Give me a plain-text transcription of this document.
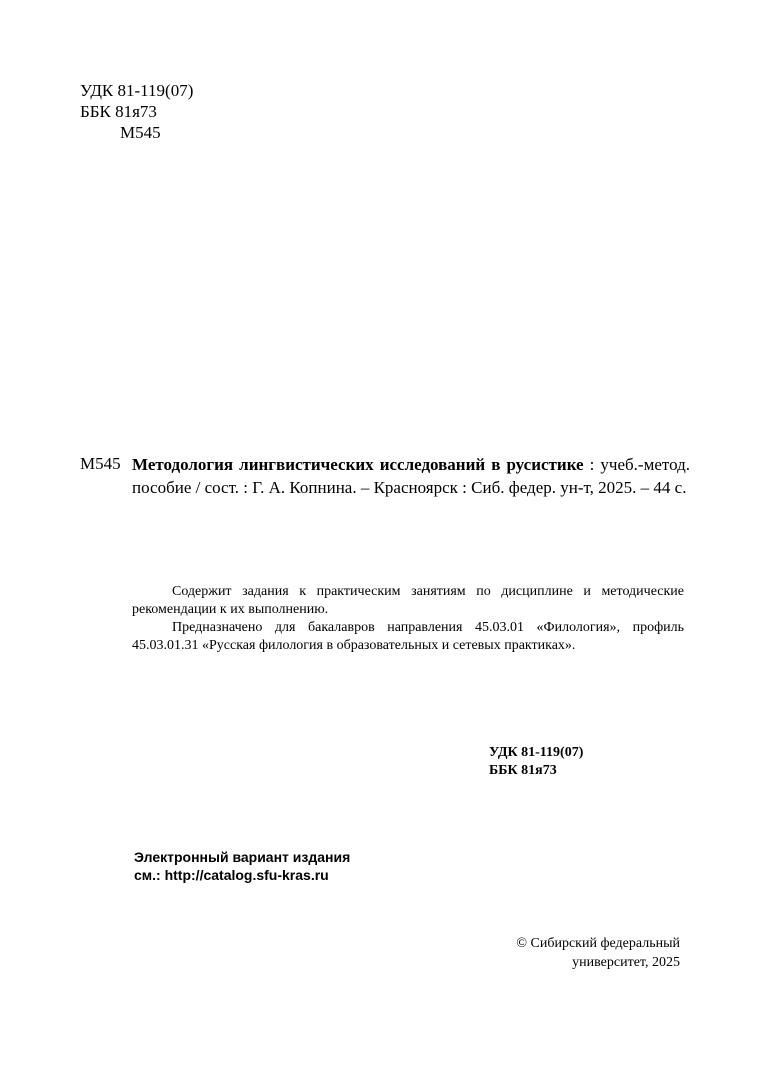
УДК 81-119(07)
ББК 81я73
М545
М545 Методология лингвистических исследований в русистике : учеб.-метод. пособие / сост. : Г. А. Копнина. – Красноярск : Сиб. федер. ун-т, 2025. – 44 с.

Содержит задания к практическим занятиям по дисциплине и методические рекомендации к их выполнению.

Предназначено для бакалавров направления 45.03.01 «Филология», профиль 45.03.01.31 «Русская филология в образовательных и сетевых практиках».

УДК 81-119(07)
ББК 81я73
Электронный вариант издания
см.: http://catalog.sfu-kras.ru
© Сибирский федеральный
университет, 2025
